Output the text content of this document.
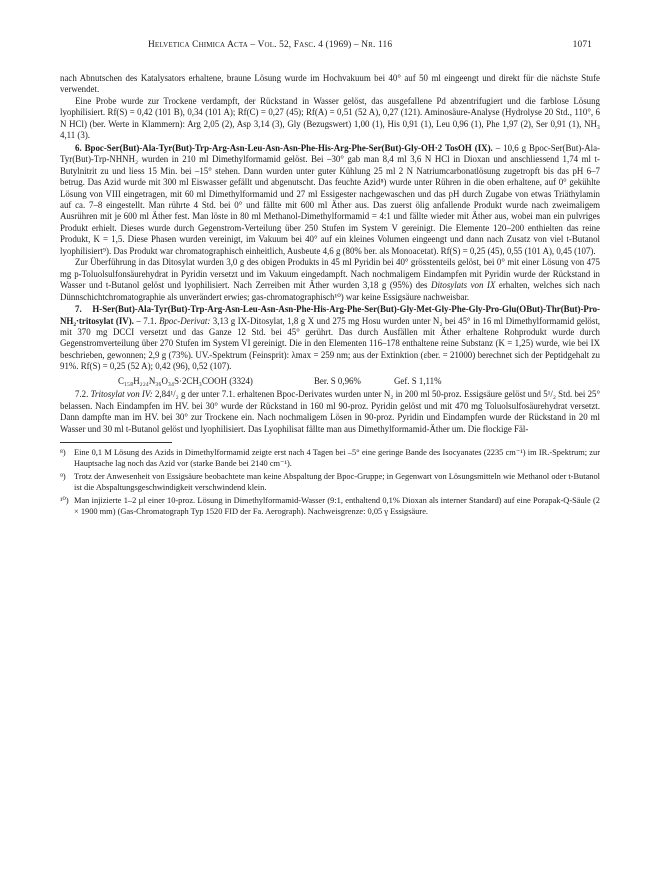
Helvetica Chimica Acta – Vol. 52, Fasc. 4 (1969) – Nr. 116	1071

nach Abnutschen des Katalysators erhaltene, braune Lösung wurde im Hochvakuum bei 40° auf 50 ml eingeengt und direkt für die nächste Stufe verwendet.

Eine Probe wurde zur Trockene verdampft, der Rückstand in Wasser gelöst, das ausgefallene Pd abzentrifugiert und die farblose Lösung lyophilisiert. Rf(S) = 0,42 (101 B), 0,34 (101 A); Rf(C) = 0,27 (45); Rf(A) = 0,51 (52 A), 0,27 (121). Aminosäure-Analyse (Hydrolyse 20 Std., 110°, 6 N HCl) (ber. Werte in Klammern): Arg 2,05 (2), Asp 3,14 (3), Gly (Bezugswert) 1,00 (1), His 0,91 (1), Leu 0,96 (1), Phe 1,97 (2), Ser 0,91 (1), NH₃ 4,11 (3).

6. Bpoc-Ser(But)-Ala-Tyr(But)-Trp-Arg-Asn-Leu-Asn-Asn-Phe-His-Arg-Phe-Ser(But)-Gly-OH·2 TosOH (IX). – 10,6 g Bpoc-Ser(But)-Ala-Tyr(But)-Trp-NHNH₂ wurden in 210 ml Dimethylformamid gelöst. Bei –30° gab man 8,4 ml 3,6 N HCl in Dioxan und anschliessend 1,74 ml t-Butylnitrit zu und liess 15 Min. bei –15° stehen. Dann wurden unter guter Kühlung 25 ml 2 N Natriumcarbonatlösung zugetropft bis das pH 6–7 betrug. Das Azid wurde mit 300 ml Eiswasser gefällt und abgenutscht. Das feuchte Azid⁸) wurde unter Rühren in die oben erhaltene, auf 0° gekühlte Lösung von VIII eingetragen, mit 60 ml Dimethylformamid und 27 ml Essigester nachgewaschen und das pH durch Zugabe von etwas Triäthylamin auf ca. 7–8 eingestellt. Man rührte 4 Std. bei 0° und fällte mit 600 ml Äther aus. Das zuerst ölig anfallende Produkt wurde nach zweimaligem Ausrühren mit je 600 ml Äther fest. Man löste in 80 ml Methanol-Dimethylformamid = 4:1 und fällte wieder mit Äther aus, wobei man ein pulvriges Produkt erhielt. Dieses wurde durch Gegenstrom-Verteilung über 250 Stufen im System V gereinigt. Die Elemente 120–200 enthielten das reine Produkt, K = 1,5. Diese Phasen wurden vereinigt, im Vakuum bei 40° auf ein kleines Volumen eingeengt und dann nach Zusatz von viel t-Butanol lyophilisiert⁹). Das Produkt war chromatographisch einheitlich, Ausbeute 4,6 g (80% ber. als Monoacetat). Rf(S) = 0,25 (45), 0,55 (101 A), 0,45 (107).

Zur Überführung in das Ditosylat wurden 3,0 g des obigen Produkts in 45 ml Pyridin bei 40° grösstenteils gelöst, bei 0° mit einer Lösung von 475 mg p-Toluolsulfonsäurehydrat in Pyridin versetzt und im Vakuum eingedampft. Nach nochmaligem Eindampfen mit Pyridin wurde der Rückstand in Wasser und t-Butanol gelöst und lyophilisiert. Nach Zerreiben mit Äther wurden 3,18 g (95%) des Ditosylats von IX erhalten, welches sich nach Dünnschichtchromatographie als unverändert erwies; gas-chromatographisch¹⁰) war keine Essigsäure nachweisbar.

7. H-Ser(But)-Ala-Tyr(But)-Trp-Arg-Asn-Leu-Asn-Asn-Phe-His-Arg-Phe-Ser(But)-Gly-Met-Gly-Phe-Gly-Pro-Glu(OBut)-Thr(But)-Pro-NH₂·tritosylat (IV). – 7.1. Bpoc-Derivat: 3,13 g IX-Ditosylat, 1,8 g X und 275 mg Hosu wurden unter N₂ bei 45° in 16 ml Dimethylformamid gelöst, mit 370 mg DCCI versetzt und das Ganze 12 Std. bei 45° gerührt. Das durch Ausfällen mit Äther erhaltene Rohprodukt wurde durch Gegenstromverteilung über 270 Stufen im System VI gereinigt. Die in den Elementen 116–178 enthaltene reine Substanz (K = 1,25) wurde, wie bei IX beschrieben, gewonnen; 2,9 g (73%). UV.-Spektrum (Feinsprit): λmax = 259 nm; aus der Extinktion (εber. = 21000) berechnet sich der Peptidgehalt zu 91%. Rf(S) = 0,25 (52 A); 0,42 (96), 0,52 (107).

C₁₅₈H₂₂₄N₃₆O₃₄S·2CH₃COOH (3324)	Ber. S 0,96%	Gef. S 1,11%

7.2. Tritosylat von IV: 2,84¹/₂ g der unter 7.1. erhaltenen Bpoc-Derivates wurden unter N₂ in 200 ml 50-proz. Essigsäure gelöst und 5¹/₂ Std. bei 25° belassen. Nach Eindampfen im HV. bei 30° wurde der Rückstand in 160 ml 90-proz. Pyridin gelöst und mit 470 mg Toluolsulfosäurehydrat versetzt. Dann dampfte man im HV. bei 30° zur Trockene ein. Nach nochmaligem Lösen in 90-proz. Pyridin und Eindampfen wurde der Rückstand in 20 ml Wasser und 30 ml t-Butanol gelöst und lyophilisiert. Das Lyophilisat fällte man aus Dimethylformamid-Äther um. Die flockige Fäl-

⁸) Eine 0,1 M Lösung des Azids in Dimethylformamid zeigte erst nach 4 Tagen bei –5° eine geringe Bande des Isocyanates (2235 cm⁻¹) im IR.-Spektrum; zur Hauptsache lag noch das Azid vor (starke Bande bei 2140 cm⁻¹).
⁹) Trotz der Anwesenheit von Essigsäure beobachtete man keine Abspaltung der Bpoc-Gruppe; in Gegenwart von Lösungsmitteln wie Methanol oder t-Butanol ist die Abspaltungsgeschwindigkeit verschwindend klein.
¹⁰) Man injizierte 1–2 µl einer 10-proz. Lösung in Dimethylformamid-Wasser (9:1, enthaltend 0,1% Dioxan als interner Standard) auf eine Porapak-Q-Säule (2 × 1900 mm) (Gas-Chromatograph Typ 1520 FID der Fa. Aerograph). Nachweisgrenze: 0,05 γ Essigsäure.
